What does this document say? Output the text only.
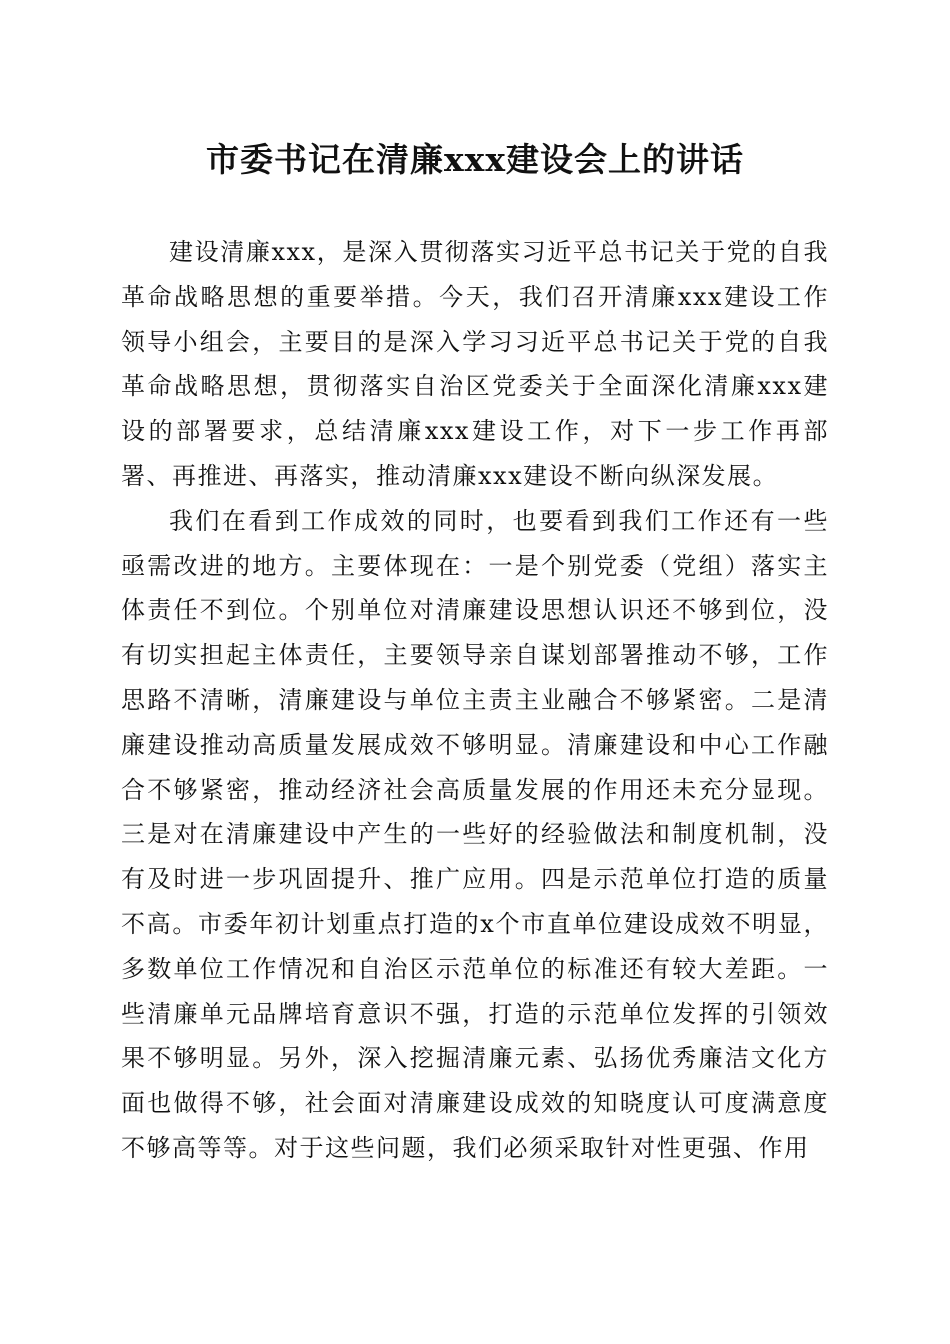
市委书记在清廉xxx建设会上的讲话

建设清廉xxx，是深入贯彻落实习近平总书记关于党的自我革命战略思想的重要举措。今天，我们召开清廉xxx建设工作领导小组会，主要目的是深入学习习近平总书记关于党的自我革命战略思想，贯彻落实自治区党委关于全面深化清廉xxx建设的部署要求，总结清廉xxx建设工作，对下一步工作再部署、再推进、再落实，推动清廉xxx建设不断向纵深发展。

我们在看到工作成效的同时，也要看到我们工作还有一些亟需改进的地方。主要体现在：一是个别党委（党组）落实主体责任不到位。个别单位对清廉建设思想认识还不够到位，没有切实担起主体责任，主要领导亲自谋划部署推动不够，工作思路不清晰，清廉建设与单位主责主业融合不够紧密。二是清廉建设推动高质量发展成效不够明显。清廉建设和中心工作融合不够紧密，推动经济社会高质量发展的作用还未充分显现。三是对在清廉建设中产生的一些好的经验做法和制度机制，没有及时进一步巩固提升、推广应用。四是示范单位打造的质量不高。市委年初计划重点打造的x个市直单位建设成效不明显，多数单位工作情况和自治区示范单位的标准还有较大差距。一些清廉单元品牌培育意识不强，打造的示范单位发挥的引领效果不够明显。另外，深入挖掘清廉元素、弘扬优秀廉洁文化方面也做得不够，社会面对清廉建设成效的知晓度认可度满意度不够高等等。对于这些问题，我们必须采取针对性更强、作用
